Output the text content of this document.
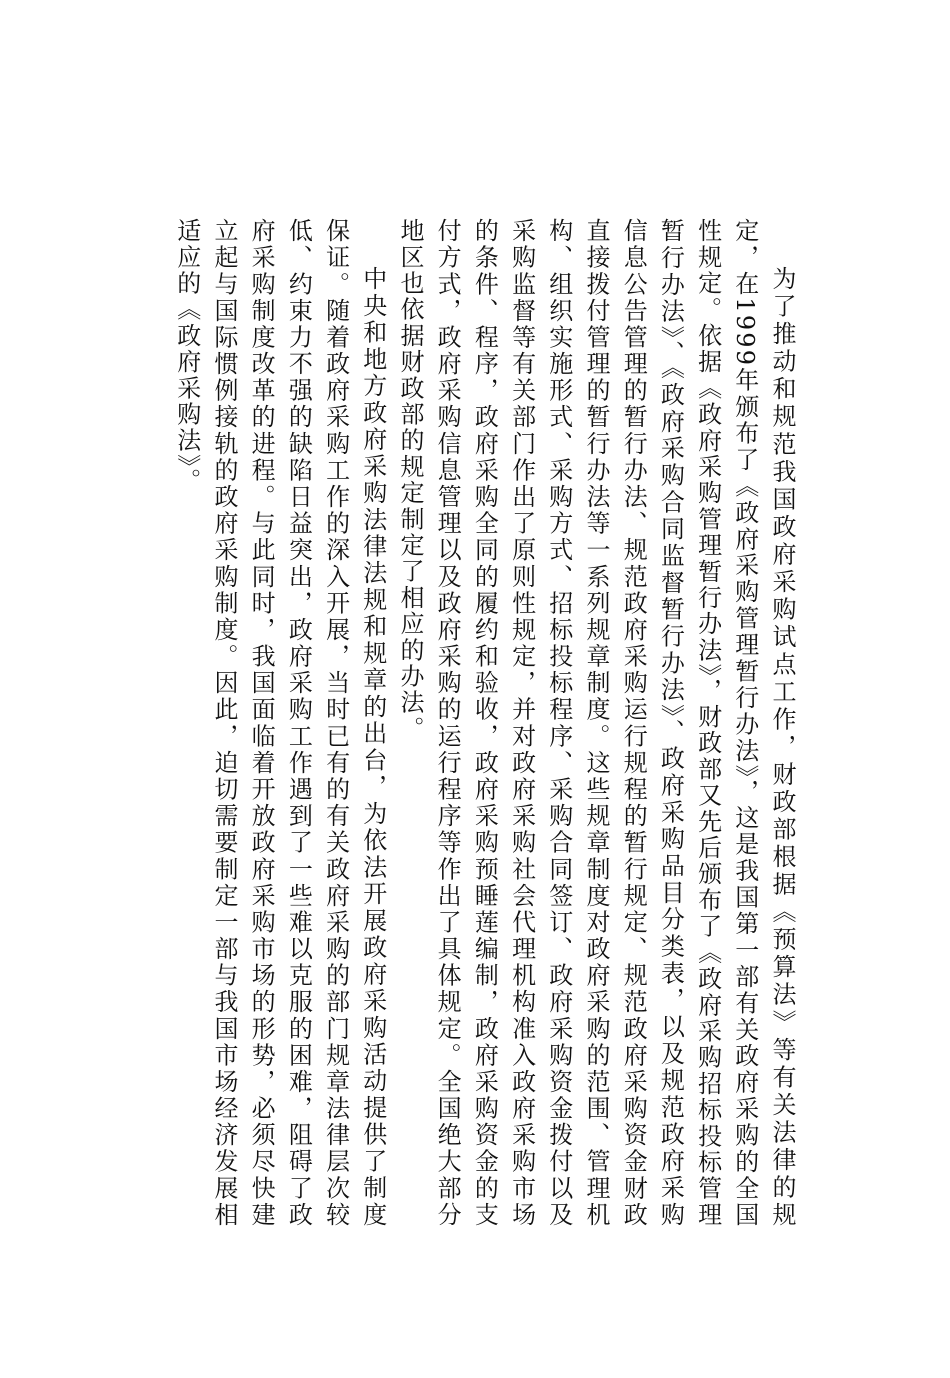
为了推动和规范我国政府采购试点工作，财政部根据《预算法》等有关法律的规定，在1999年颁布了《政府采购管理暂行办法》，这是我国第一部有关政府采购的全国性规定。依据《政府采购管理暂行办法》，财政部又先后颁布了《政府采购招标投标管理暂行办法》、《政府采购合同监督暂行办法》、政府采购品目分类表，以及规范政府采购信息公告管理的暂行办法、规范政府采购运行规程的暂行规定、规范政府采购资金财政直接拨付管理的暂行办法等一系列规章制度。这些规章制度对政府采购的范围、管理机构、组织实施形式、采购方式、招标投标程序、采购合同签订、政府采购资金拨付以及采购监督等有关部门作出了原则性规定，并对政府采购社会代理机构准入政府采购市场的条件、程序，政府采购全同的履约和验收，政府采购预睡莲编制，政府采购资金的支付方式，政府采购信息管理以及政府采购的运行程序等作出了具体规定。全国绝大部分地区也依据财政部的规定制定了相应的办法。

中央和地方政府采购法律法规和规章的出台，为依法开展政府采购活动提供了制度保证。随着政府采购工作的深入开展，当时已有的有关政府采购的部门规章法律层次较低、约束力不强的缺陷日益突出，政府采购工作遇到了一些难以克服的困难，阻碍了政府采购制度改革的进程。与此同时，我国面临着开放政府采购市场的形势，必须尽快建立起与国际惯例接轨的政府采购制度。因此，迫切需要制定一部与我国市场经济发展相适应的《政府采购法》。
